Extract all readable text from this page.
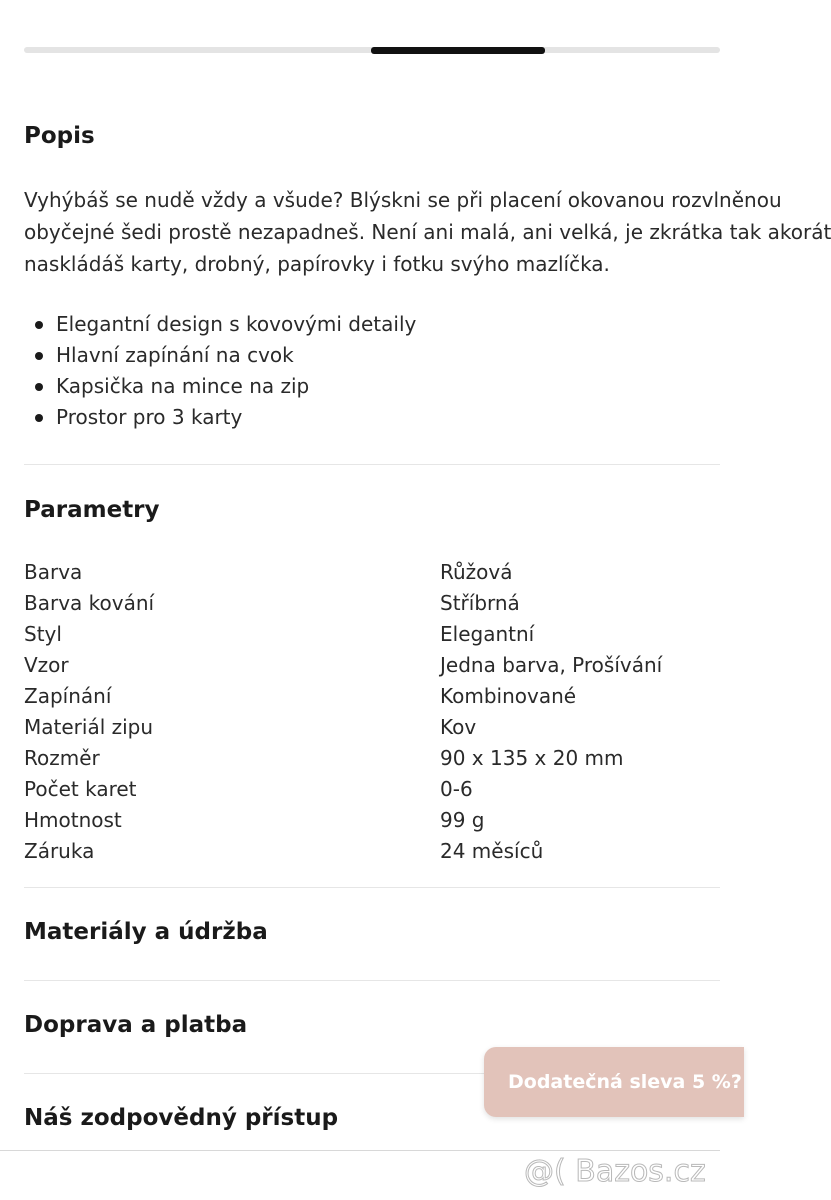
Popis
Vyhýbáš se nudě vždy a všude? Blýskni se při placení okovanou rozvlněnou
obyčejné šedi prostě nezapadneš. Není ani malá, ani velká, je zkrátka tak akorát
naskládáš karty, drobný, papírovky i fotku svýho mazlíčka.
Elegantní design s kovovými detaily
Hlavní zapínání na cvok
Kapsička na mince na zip
Prostor pro 3 karty
Parametry
Barva	Růžová
Barva kování	Stříbrná
Styl	Elegantní
Vzor	Jedna barva, Prošívání
Zapínání	Kombinované
Materiál zipu	Kov
Rozměr	90 x 135 x 20 mm
Počet karet	0-6
Hmotnost	99 g
Záruka	24 měsíců
Materiály a údržba
Doprava a platba
Náš zodpovědný přístup
Dodatečná sleva 5 %?
@( Bazos.cz
